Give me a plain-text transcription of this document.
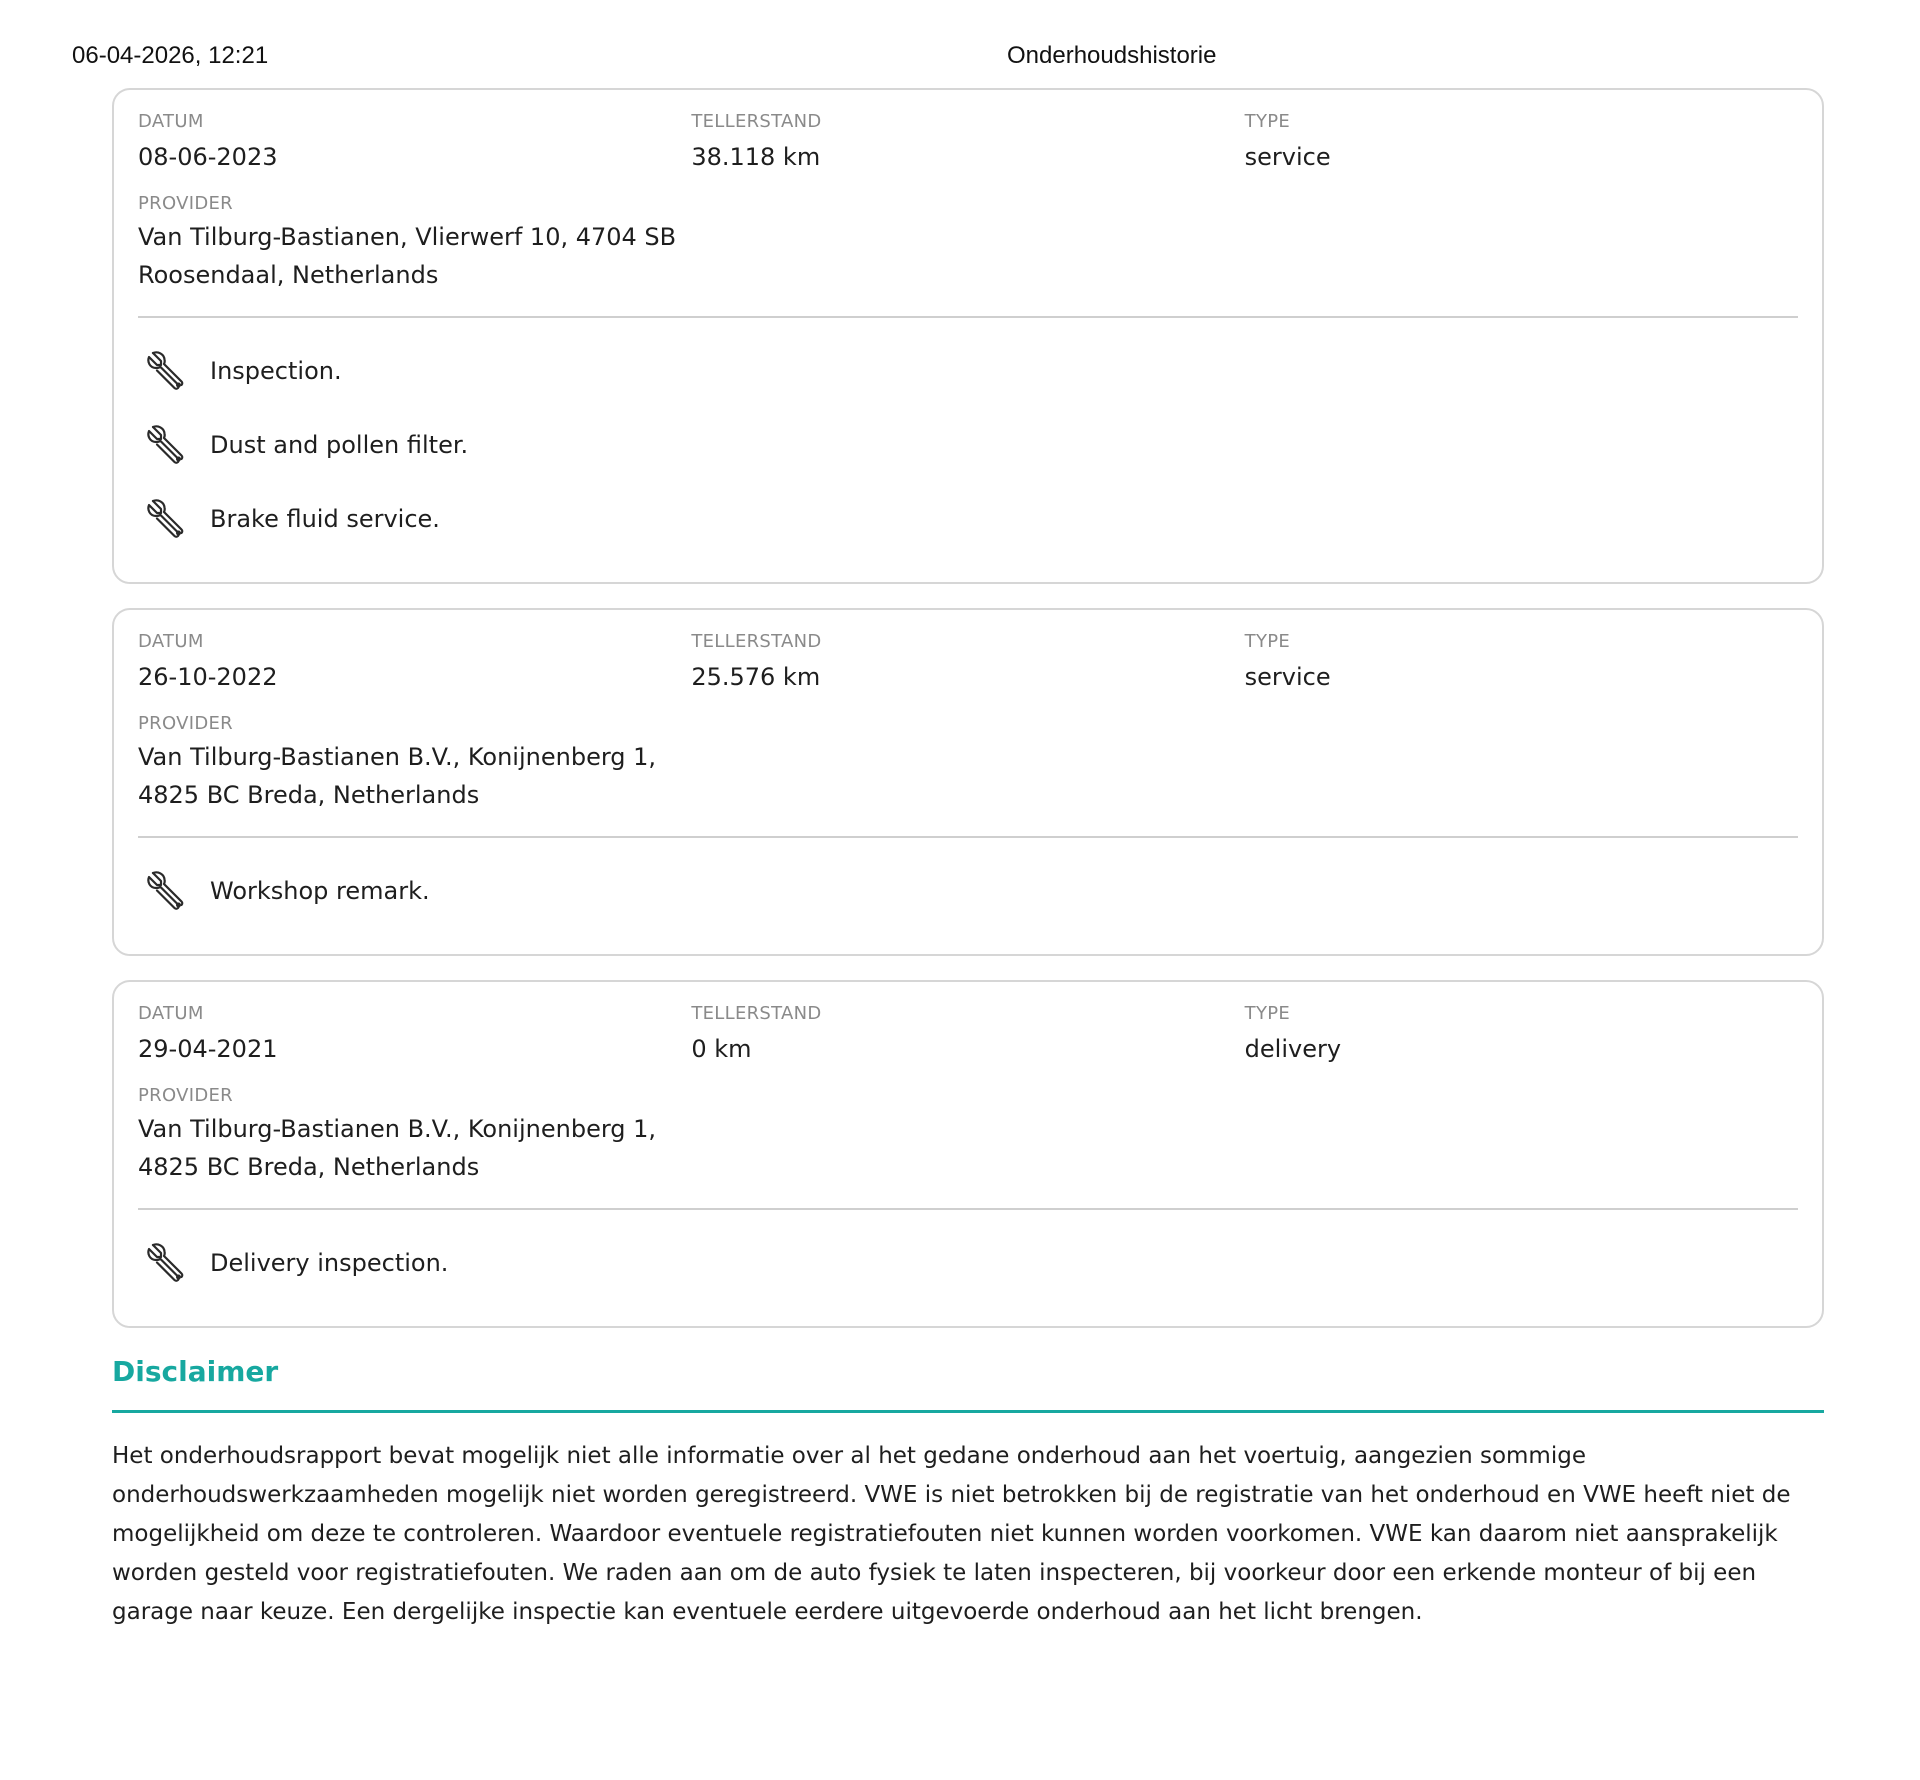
06-04-2026, 12:21	Onderhoudshistorie
DATUM
08-06-2023
TELLERSTAND
38.118 km
TYPE
service
PROVIDER
Van Tilburg-Bastianen, Vlierwerf 10, 4704 SB Roosendaal, Netherlands
Inspection.
Dust and pollen filter.
Brake fluid service.
DATUM
26-10-2022
TELLERSTAND
25.576 km
TYPE
service
PROVIDER
Van Tilburg-Bastianen B.V., Konijnenberg 1, 4825 BC Breda, Netherlands
Workshop remark.
DATUM
29-04-2021
TELLERSTAND
0 km
TYPE
delivery
PROVIDER
Van Tilburg-Bastianen B.V., Konijnenberg 1, 4825 BC Breda, Netherlands
Delivery inspection.
Disclaimer
Het onderhoudsrapport bevat mogelijk niet alle informatie over al het gedane onderhoud aan het voertuig, aangezien sommige onderhoudswerkzaamheden mogelijk niet worden geregistreerd. VWE is niet betrokken bij de registratie van het onderhoud en VWE heeft niet de mogelijkheid om deze te controleren. Waardoor eventuele registratiefouten niet kunnen worden voorkomen. VWE kan daarom niet aansprakelijk worden gesteld voor registratiefouten. We raden aan om de auto fysiek te laten inspecteren, bij voorkeur door een erkende monteur of bij een garage naar keuze. Een dergelijke inspectie kan eventuele eerdere uitgevoerde onderhoud aan het licht brengen.
